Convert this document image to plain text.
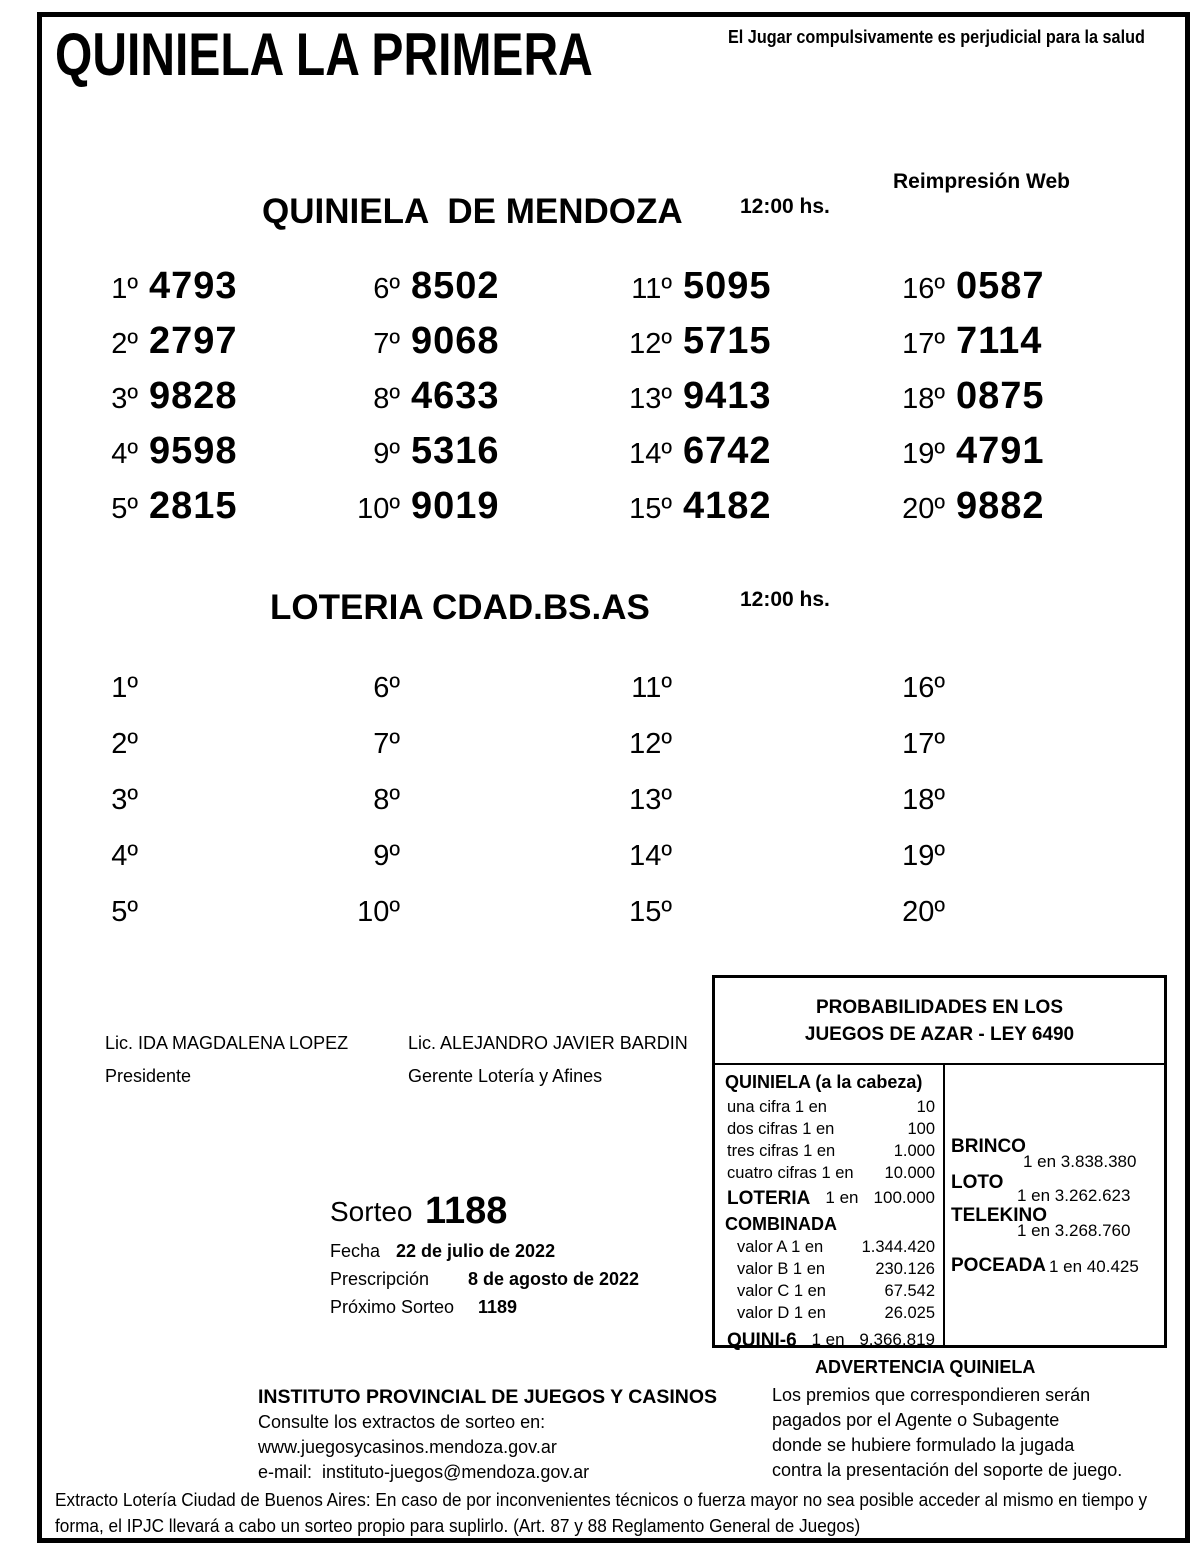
QUINIELA LA PRIMERA	El Jugar compulsivamente es perjudicial para la salud
QUINIELA  DE MENDOZA	12:00 hs.
Reimpresión Web
1º 4793
2º 2797
3º 9828
4º 9598
5º 2815
6º 8502
7º 9068
8º 4633
9º 5316
10º 9019
11º 5095
12º 5715
13º 9413
14º 6742
15º 4182
16º 0587
17º 7114
18º 0875
19º 4791
20º 9882
LOTERIA CDAD.BS.AS	12:00 hs.
1º
2º
3º
4º
5º
6º
7º
8º
9º
10º
11º
12º
13º
14º
15º
16º
17º
18º
19º
20º
Lic. IDA MAGDALENA LOPEZ
Presidente
Lic. ALEJANDRO JAVIER BARDIN
Gerente Lotería y Afines
PROBABILIDADES EN LOS
JUEGOS DE AZAR - LEY 6490
QUINIELA (a la cabeza)
una cifra 1 en	10
dos cifras 1 en	100
tres cifras 1 en	1.000
cuatro cifras 1 en 10.000
LOTERIA 1 en 100.000
COMBINADA
valor A 1 en 1.344.420
valor B 1 en	230.126
valor C 1 en	67.542
valor D 1 en	26.025
QUINI-6 1 en 9.366.819
BRINCO
1 en 3.838.380
LOTO
1 en 3.262.623
TELEKINO
1 en 3.268.760
POCEADA 1 en 40.425
Sorteo 1188
Fecha 22 de julio de 2022
Prescripción 8 de agosto de 2022
Próximo Sorteo 1189
INSTITUTO PROVINCIAL DE JUEGOS Y CASINOS
Consulte los extractos de sorteo en:
www.juegosycasinos.mendoza.gov.ar
e-mail:  instituto-juegos@mendoza.gov.ar
ADVERTENCIA QUINIELA
Los premios que correspondieren serán
pagados por el Agente o Subagente
donde se hubiere formulado la jugada
contra la presentación del soporte de juego.
Extracto Lotería Ciudad de Buenos Aires: En caso de por inconvenientes técnicos o fuerza mayor no sea posible acceder al mismo en tiempo y
forma, el IPJC llevará a cabo un sorteo propio para suplirlo. (Art. 87 y 88 Reglamento General de Juegos)
